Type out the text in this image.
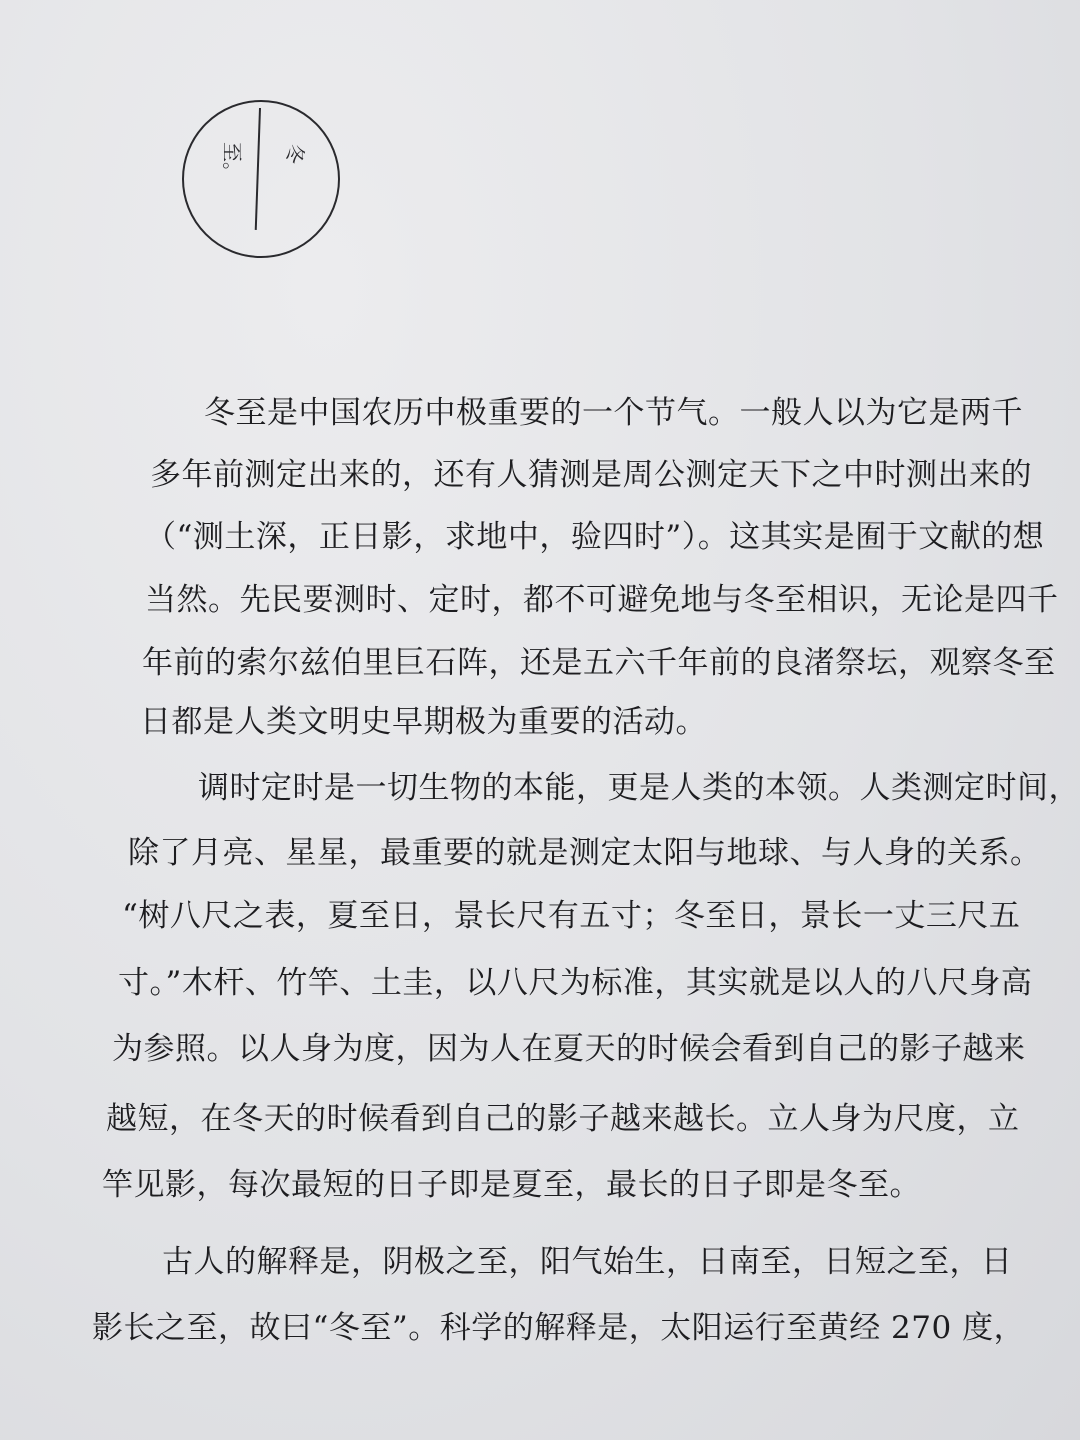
冬
至。
冬至是中国农历中极重要的一个节气。一般人以为它是两千
多年前测定出来的，还有人猜测是周公测定天下之中时测出来的
（“测土深，正日影，求地中，验四时”）。这其实是囿于文献的想
当然。先民要测时、定时，都不可避免地与冬至相识，无论是四千
年前的索尔兹伯里巨石阵，还是五六千年前的良渚祭坛，观察冬至
日都是人类文明史早期极为重要的活动。
调时定时是一切生物的本能，更是人类的本领。人类测定时间，
除了月亮、星星，最重要的就是测定太阳与地球、与人身的关系。
“树八尺之表，夏至日，景长尺有五寸；冬至日，景长一丈三尺五
寸。”木杆、竹竿、土圭，以八尺为标准，其实就是以人的八尺身高
为参照。以人身为度，因为人在夏天的时候会看到自己的影子越来
越短，在冬天的时候看到自己的影子越来越长。立人身为尺度，立
竿见影，每次最短的日子即是夏至，最长的日子即是冬至。
古人的解释是，阴极之至，阳气始生，日南至，日短之至，日
影长之至，故曰“冬至”。科学的解释是，太阳运行至黄经 270 度，
